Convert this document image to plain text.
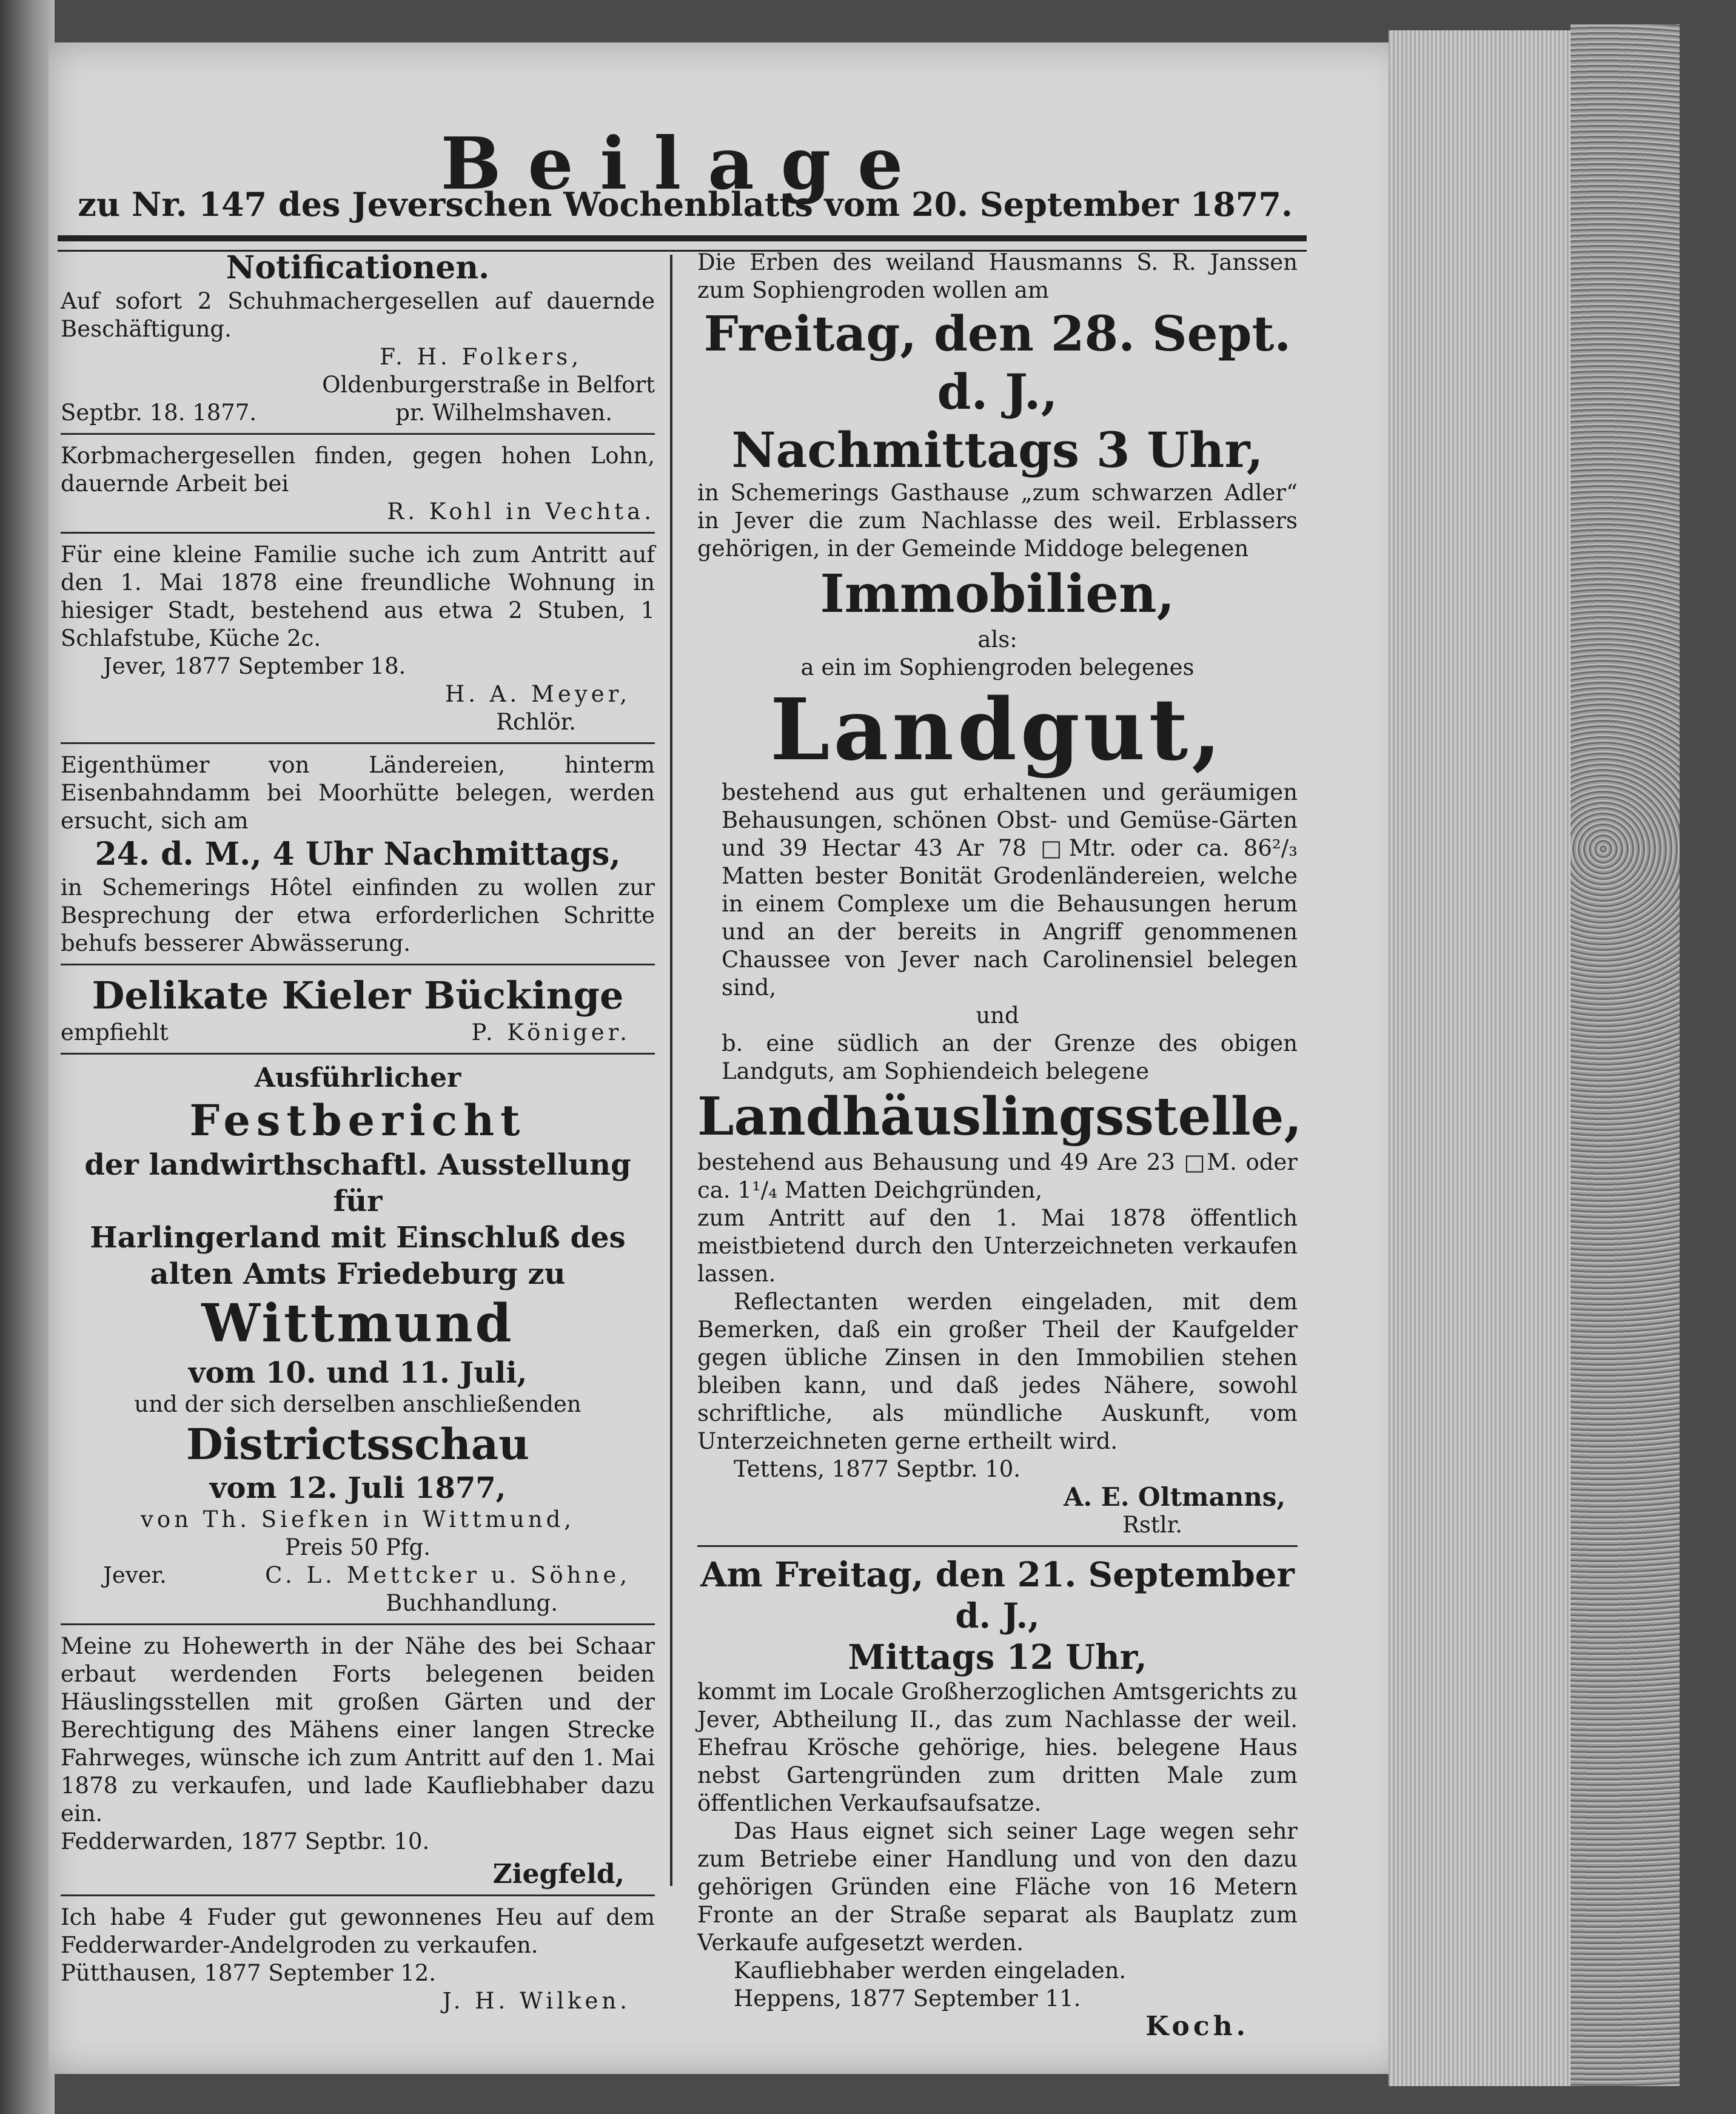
Beilage
zu Nr. 147 des Jeverschen Wochenblatts vom 20. September 1877.

Notificationen.

Auf sofort 2 Schuhmachergesellen auf dauernde Beschäftigung.

F. H. Folkers,

Oldenburgerstraße in Belfort

Septbr. 18. 1877.	pr. Wilhelmshaven.

Korbmachergesellen finden, gegen hohen Lohn, dauernde Arbeit bei

R. Kohl in Vechta.

Für eine kleine Familie suche ich zum Antritt auf den 1. Mai 1878 eine freundliche Wohnung in hiesiger Stadt, bestehend aus etwa 2 Stuben, 1 Schlafstube, Küche 2c.

Jever, 1877 September 18.

H. A. Meyer,

Rchlör.

Eigenthümer von Ländereien, hinterm Eisenbahndamm bei Moorhütte belegen, werden ersucht, sich am

24. d. M., 4 Uhr Nachmittags,

in Schemerings Hôtel einfinden zu wollen zur Besprechung der etwa erforderlichen Schritte behufs besserer Abwässerung.

Delikate Kieler Bückinge

empfiehlt	P. Königer.

Ausführlicher

Festbericht

der landwirthschaftl. Ausstellung für

Harlingerland mit Einschluß des

alten Amts Friedeburg zu

Wittmund

vom 10. und 11. Juli,

und der sich derselben anschließenden

Districtsschau

vom 12. Juli 1877,

von Th. Siefken in Wittmund,

Preis 50 Pfg.

Jever.	C. L. Mettcker u. Söhne,

Buchhandlung.

Meine zu Hohewerth in der Nähe des bei Schaar erbaut werdenden Forts belegenen beiden Häuslingsstellen mit großen Gärten und der Berechtigung des Mähens einer langen Strecke Fahrweges, wünsche ich zum Antritt auf den 1. Mai 1878 zu verkaufen, und lade Kaufliebhaber dazu ein.

Fedderwarden, 1877 Septbr. 10.

Ziegfeld,

Ich habe 4 Fuder gut gewonnenes Heu auf dem Fedderwarder-Andelgroden zu verkaufen.

Pütthausen, 1877 September 12.

J. H. Wilken.

Die Erben des weiland Hausmanns S. R. Janssen zum Sophiengroden wollen am

Freitag, den 28. Sept. d. J.,

Nachmittags 3 Uhr,

in Schemerings Gasthause „zum schwarzen Adler“ in Jever die zum Nachlasse des weil. Erblassers gehörigen, in der Gemeinde Middoge belegenen

Immobilien,

als:

a ein im Sophiengroden belegenes

Landgut,

bestehend aus gut erhaltenen und geräumigen Behausungen, schönen Obst- und Gemüse-Gärten und 39 Hectar 43 Ar 78 □Mtr. oder ca. 86²/₃ Matten bester Bonität Grodenländereien, welche in einem Complexe um die Behausungen herum und an der bereits in Angriff genommenen Chaussee von Jever nach Carolinensiel belegen sind,

und

b. eine südlich an der Grenze des obigen Landguts, am Sophiendeich belegene

Landhäuslingsstelle,

bestehend aus Behausung und 49 Are 23 □M. oder ca. 1¹/₄ Matten Deichgründen,

zum Antritt auf den 1. Mai 1878 öffentlich meistbietend durch den Unterzeichneten verkaufen lassen.

Reflectanten werden eingeladen, mit dem Bemerken, daß ein großer Theil der Kaufgelder gegen übliche Zinsen in den Immobilien stehen bleiben kann, und daß jedes Nähere, sowohl schriftliche, als mündliche Auskunft, vom Unterzeichneten gerne ertheilt wird.

Tettens, 1877 Septbr. 10.

A. E. Oltmanns,

Rstlr.

Am Freitag, den 21. September d. J.,

Mittags 12 Uhr,

kommt im Locale Großherzoglichen Amtsgerichts zu Jever, Abtheilung II., das zum Nachlasse der weil. Ehefrau Krösche gehörige, hies. belegene Haus nebst Gartengründen zum dritten Male zum öffentlichen Verkaufsaufsatze.

Das Haus eignet sich seiner Lage wegen sehr zum Betriebe einer Handlung und von den dazu gehörigen Gründen eine Fläche von 16 Metern Fronte an der Straße separat als Bauplatz zum Verkaufe aufgesetzt werden.

Kaufliebhaber werden eingeladen.

Heppens, 1877 September 11.

Koch.
